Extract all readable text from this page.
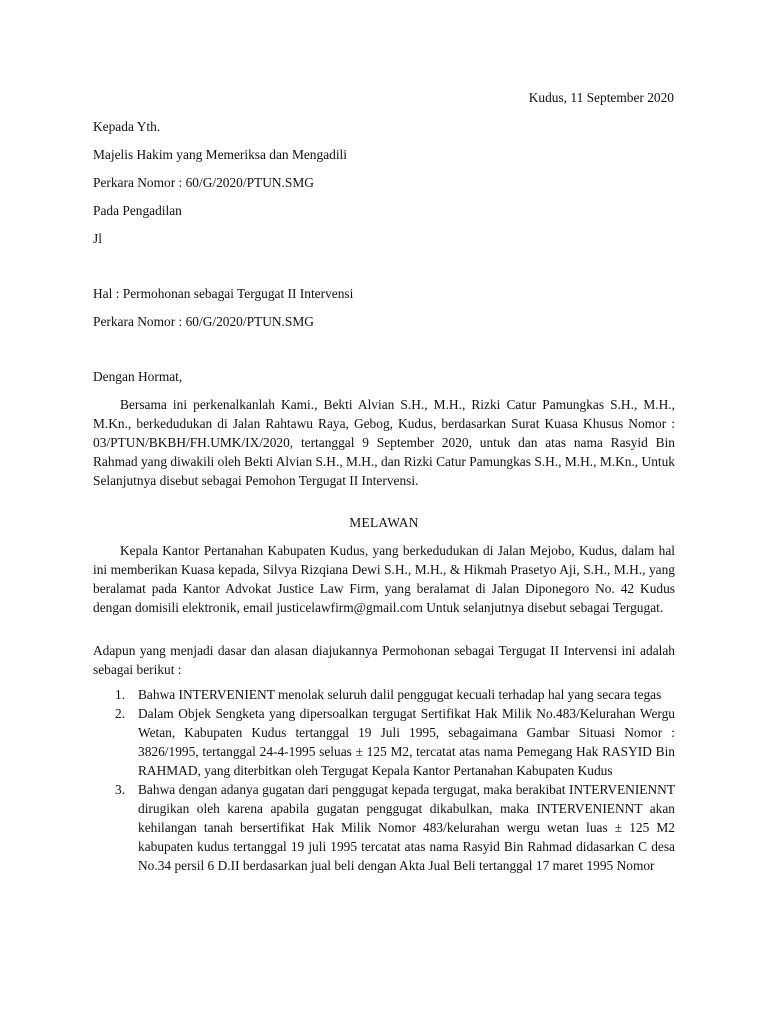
Kudus, 11 September 2020

Kepada Yth.

Majelis Hakim yang Memeriksa dan Mengadili

Perkara Nomor : 60/G/2020/PTUN.SMG

Pada Pengadilan

Jl

Hal : Permohonan sebagai Tergugat II Intervensi

Perkara Nomor : 60/G/2020/PTUN.SMG

Dengan Hormat,

Bersama ini perkenalkanlah Kami., Bekti Alvian S.H., M.H., Rizki Catur Pamungkas S.H., M.H., M.Kn., berkedudukan di Jalan Rahtawu Raya, Gebog, Kudus, berdasarkan Surat Kuasa Khusus Nomor : 03/PTUN/BKBH/FH.UMK/IX/2020, tertanggal 9 September 2020, untuk dan atas nama Rasyid Bin Rahmad yang diwakili oleh Bekti Alvian S.H., M.H., dan Rizki Catur Pamungkas S.H., M.H., M.Kn., Untuk Selanjutnya disebut sebagai Pemohon Tergugat II Intervensi.

MELAWAN

Kepala Kantor Pertanahan Kabupaten Kudus, yang berkedudukan di Jalan Mejobo, Kudus, dalam hal ini memberikan Kuasa kepada, Silvya Rizqiana Dewi S.H., M.H., & Hikmah Prasetyo Aji, S.H., M.H., yang beralamat pada Kantor Advokat Justice Law Firm, yang beralamat di Jalan Diponegoro No. 42 Kudus dengan domisili elektronik, email justicelawfirm@gmail.com Untuk selanjutnya disebut sebagai Tergugat.

Adapun yang menjadi dasar dan alasan diajukannya Permohonan sebagai Tergugat II Intervensi ini adalah sebagai berikut :

1. Bahwa INTERVENIENT menolak seluruh dalil penggugat kecuali terhadap hal yang secara tegas
2. Dalam Objek Sengketa yang dipersoalkan tergugat Sertifikat Hak Milik No.483/Kelurahan Wergu Wetan, Kabupaten Kudus tertanggal 19 Juli 1995, sebagaimana Gambar Situasi Nomor : 3826/1995, tertanggal 24-4-1995 seluas ± 125 M2, tercatat atas nama Pemegang Hak RASYID Bin RAHMAD, yang diterbitkan oleh Tergugat Kepala Kantor Pertanahan Kabupaten Kudus
3. Bahwa dengan adanya gugatan dari penggugat kepada tergugat, maka berakibat INTERVENIENNT dirugikan oleh karena apabila gugatan penggugat dikabulkan, maka INTERVENIENNT akan kehilangan tanah bersertifikat Hak Milik Nomor 483/kelurahan wergu wetan luas ± 125 M2 kabupaten kudus tertanggal 19 juli 1995 tercatat atas nama Rasyid Bin Rahmad didasarkan C desa No.34 persil 6 D.II berdasarkan jual beli dengan Akta Jual Beli tertanggal 17 maret 1995 Nomor
